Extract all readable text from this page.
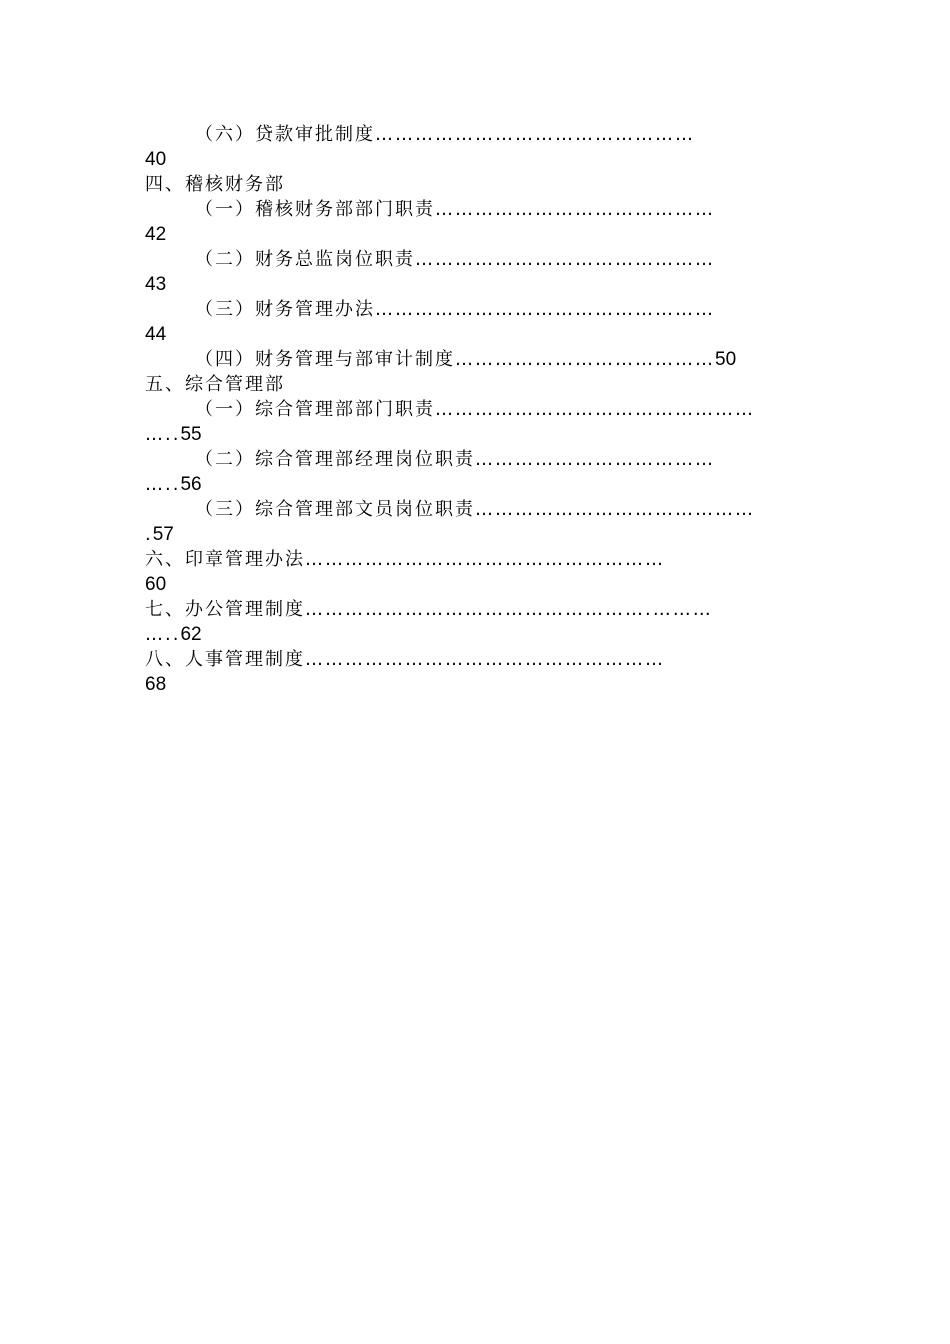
（六）贷款审批制度…………………………………………
40
四、稽核财务部
（一）稽核财务部部门职责……………………………………
42
（二）财务总监岗位职责………………………………………
43
（三）财务管理办法……………………………………………
44
（四）财务管理与部审计制度…………………………………50
五、综合管理部
（一）综合管理部部门职责…………………………………………
…..55
（二）综合管理部经理岗位职责………………………………
…..56
（三）综合管理部文员岗位职责……………………………………
.57
六、印章管理办法………………………………………………
60
七、办公管理制度…………………………………………….………
…..62
八、人事管理制度………………………………………………
68
